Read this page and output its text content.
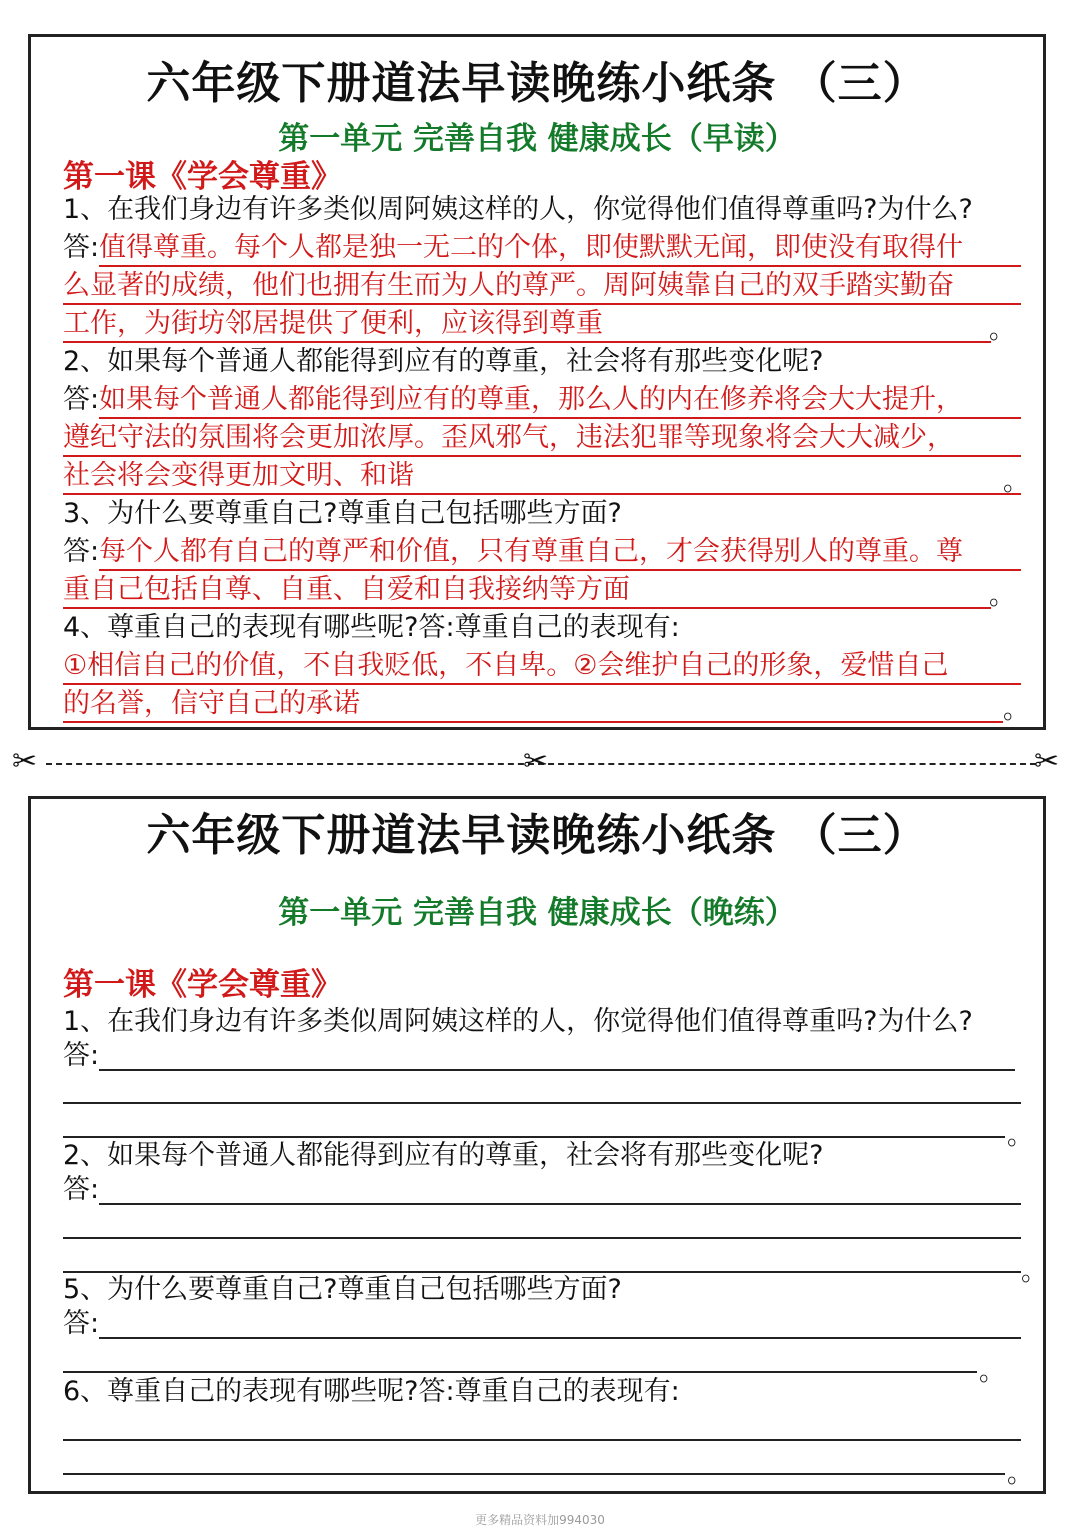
六年级下册道法早读晚练小纸条 （三）
第一单元 完善自我 健康成长（早读）
第一课《学会尊重》
1、在我们身边有许多类似周阿姨这样的人，你觉得他们值得尊重吗?为什么?
答: 值得尊重。每个人都是独一无二的个体，即使默默无闻，即使没有取得什
么显著的成绩，他们也拥有生而为人的尊严。周阿姨靠自己的双手踏实勤奋
工作，为街坊邻居提供了便利，应该得到尊重	。
2、如果每个普通人都能得到应有的尊重，社会将有那些变化呢?
答: 如果每个普通人都能得到应有的尊重，那么人的内在修养将会大大提升，
遵纪守法的氛围将会更加浓厚。歪风邪气，违法犯罪等现象将会大大减少，
社会将会变得更加文明、和谐	。
3、为什么要尊重自己?尊重自己包括哪些方面?
答: 每个人都有自己的尊严和价值，只有尊重自己，才会获得别人的尊重。尊
重自己包括自尊、自重、自爱和自我接纳等方面	。
4、尊重自己的表现有哪些呢?答:尊重自己的表现有:
①相信自己的价值，不自我贬低，不自卑。②会维护自己的形象，爱惜自己
的名誉，信守自己的承诺	。
✂	✂	✂
六年级下册道法早读晚练小纸条 （三）
第一单元 完善自我 健康成长（晚练）
第一课《学会尊重》
1、在我们身边有许多类似周阿姨这样的人，你觉得他们值得尊重吗?为什么?
答:
。
2、如果每个普通人都能得到应有的尊重，社会将有那些变化呢?
答:
。
5、为什么要尊重自己?尊重自己包括哪些方面?
答:
。
6、尊重自己的表现有哪些呢?答:尊重自己的表现有:
。
更多精品资料加994030
